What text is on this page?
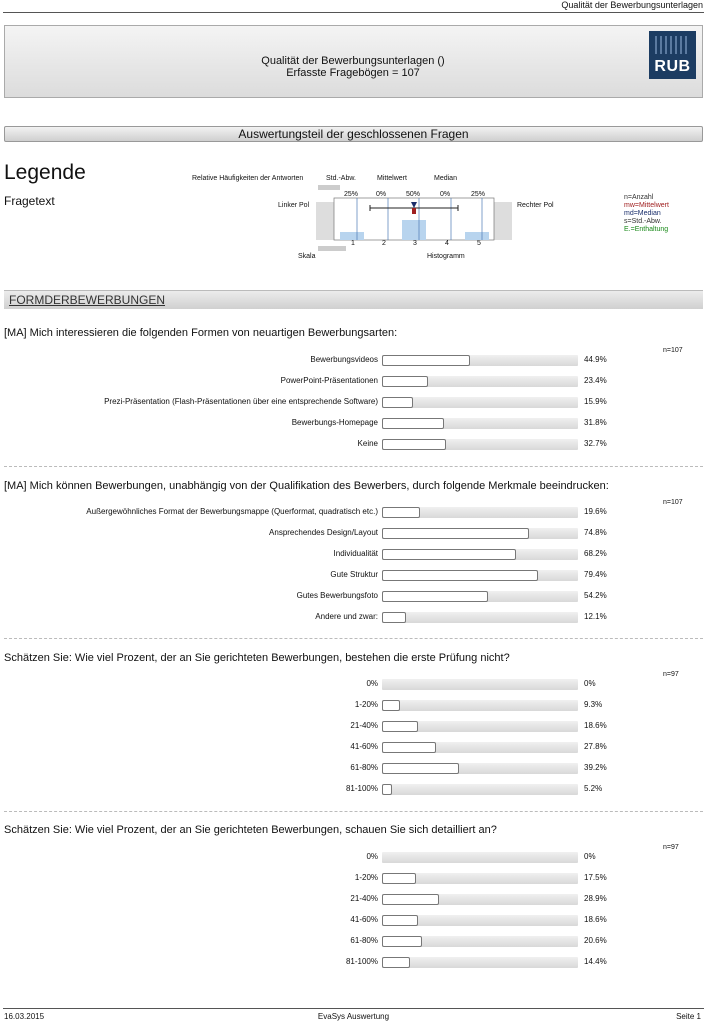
Qualität der Bewerbungsunterlagen
Qualität der Bewerbungsunterlagen ()
Erfasste Fragebögen = 107	RUB
Auswertungsteil der geschlossenen Fragen
Legende
Fragetext
Relative Häufigkeiten der Antworten	Std.-Abw.	Mittelwert	Median
25%	0%	50%	0%	25%
Linker Pol	Rechter Pol
1	2	3	4	5
Skala	Histogramm
n=Anzahl
mw=Mittelwert
md=Median
s=Std.-Abw.
E.=Enthaltung
FORMDERBEWERBUNGEN
[MA] Mich interessieren die folgenden Formen von neuartigen Bewerbungsarten:
n=107
Bewerbungsvideos	44.9%
PowerPoint-Präsentationen	23.4%
Prezi-Präsentation (Flash-Präsentationen über eine entsprechende Software)	15.9%
Bewerbungs-Homepage	31.8%
Keine	32.7%
[MA] Mich können Bewerbungen, unabhängig von der Qualifikation des Bewerbers, durch folgende Merkmale beeindrucken:
n=107
Außergewöhnliches Format der Bewerbungsmappe (Querformat, quadratisch etc.)	19.6%
Ansprechendes Design/Layout	74.8%
Individualität	68.2%
Gute Struktur	79.4%
Gutes Bewerbungsfoto	54.2%
Andere und zwar:	12.1%
Schätzen Sie: Wie viel Prozent, der an Sie gerichteten Bewerbungen, bestehen die erste Prüfung nicht?
n=97
0%	0%
1-20%	9.3%
21-40%	18.6%
41-60%	27.8%
61-80%	39.2%
81-100%	5.2%
Schätzen Sie: Wie viel Prozent, der an Sie gerichteten Bewerbungen, schauen Sie sich detailliert an?
n=97
0%	0%
1-20%	17.5%
21-40%	28.9%
41-60%	18.6%
61-80%	20.6%
81-100%	14.4%
16.03.2015	EvaSys Auswertung	Seite 1
